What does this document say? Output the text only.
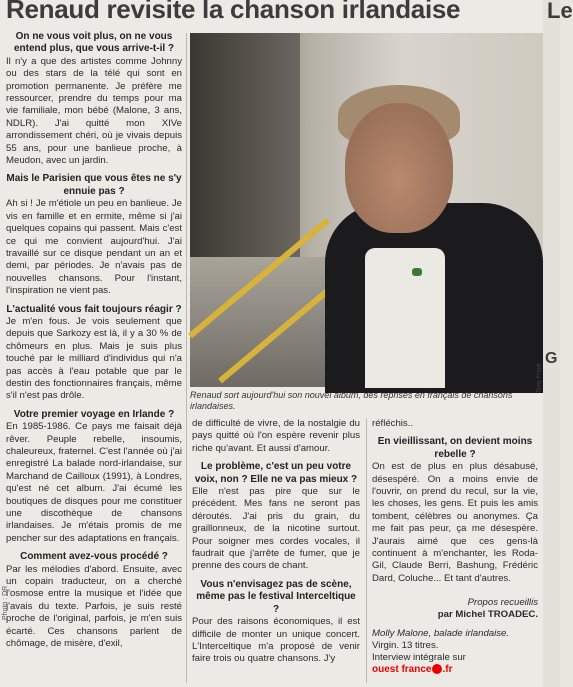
Renaud revisite la chanson irlandaise
On ne vous voit plus, on ne vous entend plus, que vous arrive-t-il ?
Il n'y a que des artistes comme Johnny ou des stars de la télé qui sont en promotion permanente. Je préfère me ressourcer, prendre du temps pour ma vie familiale, mon bébé (Malone, 3 ans, NDLR). J'ai quitté mon XIVe arrondissement chéri, où je vivais depuis 55 ans, pour une banlieue proche, à Meudon, avec un jardin.
Mais le Parisien que vous êtes ne s'y ennuie pas ?
Ah si ! Je m'étiole un peu en banlieue. Je vis en famille et en ermite, même si j'ai quelques copains qui passent. Mais c'est ce qui me convient aujourd'hui. J'ai travaillé sur ce disque pendant un an et demi, par périodes. Je n'avais pas de nouvelles chansons. Pour l'instant, l'inspiration ne vient pas.
L'actualité vous fait toujours réagir ?
Je m'en fous. Je vois seulement que depuis que Sarkozy est là, il y a 30 % de chômeurs en plus. Mais je suis plus touché par le milliard d'individus qui n'a pas accès à l'eau potable que par le destin des fonctionnaires français, même s'il n'est pas drôle.
Votre premier voyage en Irlande ?
En 1985-1986. Ce pays me faisait déjà rêver. Peuple rebelle, insoumis, chaleureux, fraternel. C'est l'année où j'ai enregistré La balade nord-irlandaise, sur Marchand de Cailloux (1991), à Londres, qu'est né cet album. J'ai écumé les boutiques de disques pour me constituer une discothèque de chansons irlandaises. Je m'étais promis de me pencher sur des adaptations en français.
Comment avez-vous procédé ?
Par les mélodies d'abord. Ensuite, avec un copain traducteur, on a cherché l'osmose entre la musique et l'idée que j'avais du texte. Parfois, je suis resté proche de l'original, parfois, je m'en suis écarté. Ces chansons parlent de chômage, de misère, d'exil,
Tony Frank
Renaud sort aujourd'hui son nouvel album, des reprises en français de chansons irlandaises.
de difficulté de vivre, de la nostalgie du pays quitté où l'on espère revenir plus riche qu'avant. Et aussi d'amour.
Le problème, c'est un peu votre voix, non ? Elle ne va pas mieux ?
Elle n'est pas pire que sur le précédent. Mes fans ne seront pas déroutés. J'ai pris du grain, du graillonneux, de la nicotine surtout. Pour soigner mes cordes vocales, il faudrait que j'arrête de fumer, que je prenne des cours de chant.
Vous n'envisagez pas de scène, même pas le festival Interceltique ?
Pour des raisons économiques, il est difficile de monter un unique concert. L'Interceltique m'a proposé de venir faire trois ou quatre chansons. J'y
réfléchis..
En vieillissant, on devient moins rebelle ?
On est de plus en plus désabusé, désespéré. On a moins envie de l'ouvrir, on prend du recul, sur la vie, les choses, les gens. Et puis les amis tombent, célèbres ou anonymes. Ça me fait pas peur, ça me désespère. J'aurais aimé que ces gens-là continuent à m'enchanter, les Roda-Gil, Claude Berri, Bashung, Frédéric Dard, Coluche... Et tant d'autres.
Propos recueillis
par Michel TROADEC.
Molly Malone, balade irlandaise. Virgin. 13 titres.
Interview intégrale sur ouest france .fr
Photo : DR
Le
G
